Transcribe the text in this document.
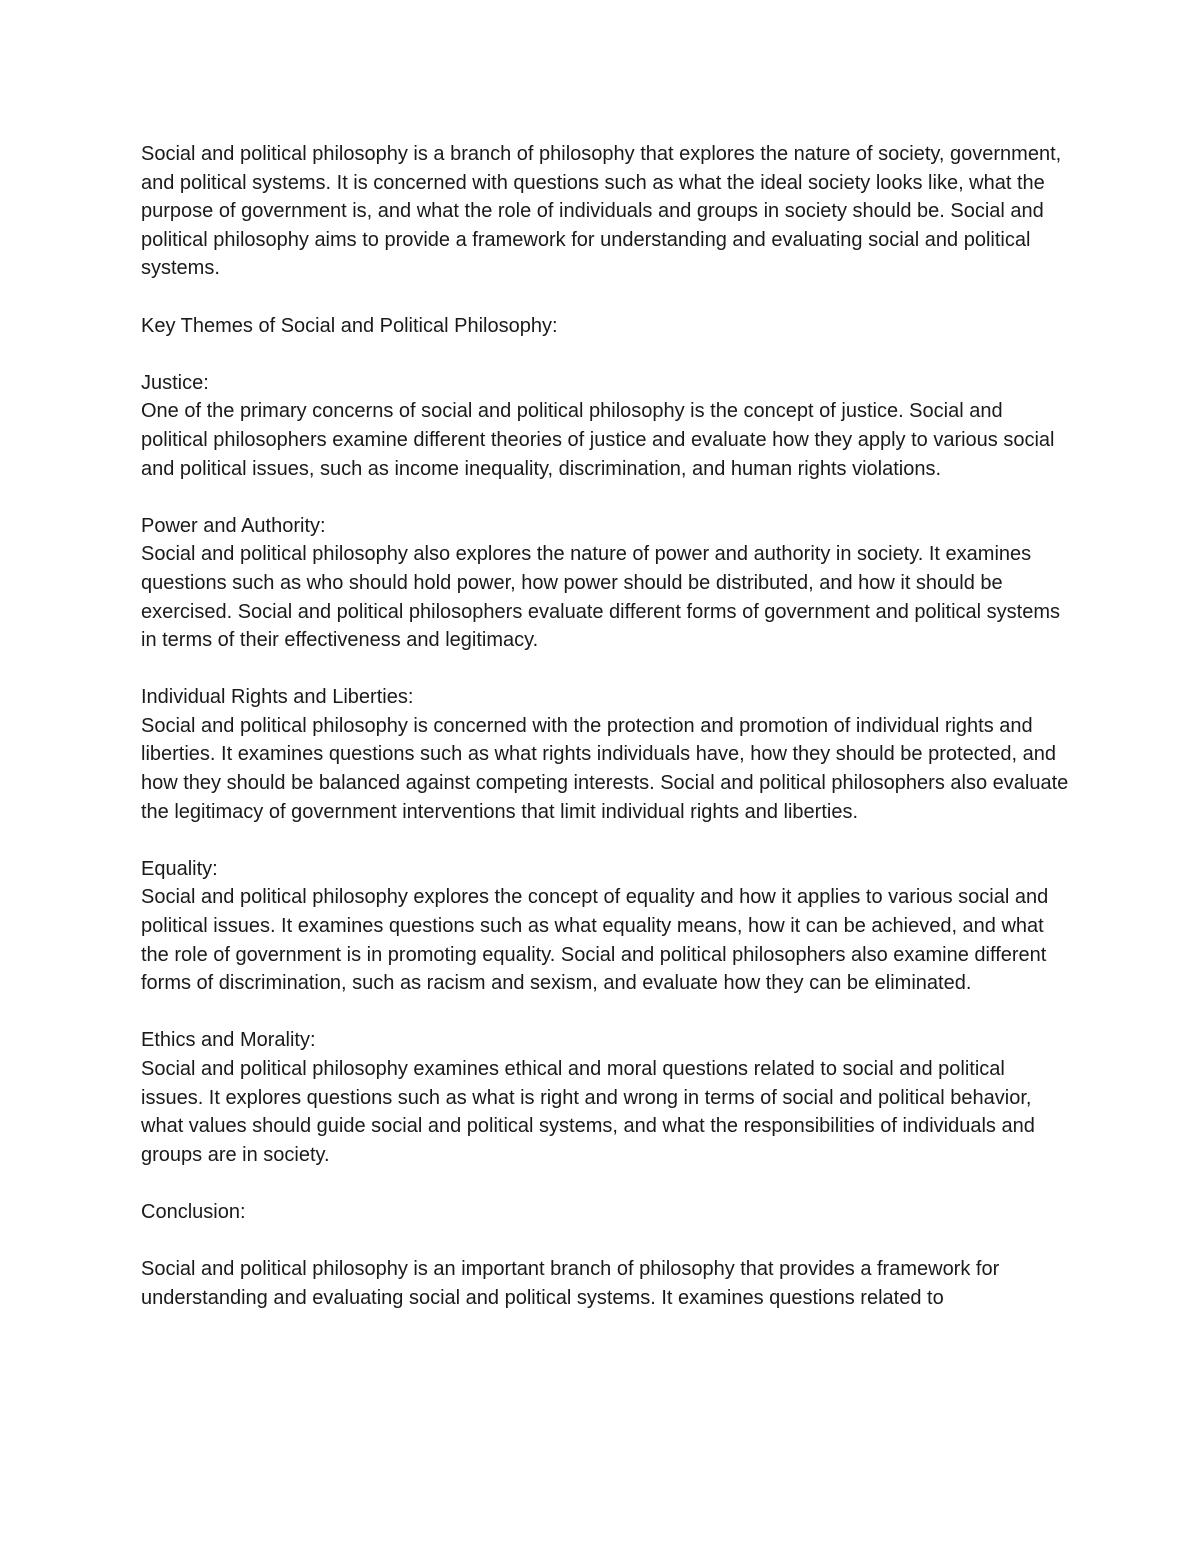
Social and political philosophy is a branch of philosophy that explores the nature of society, government, and political systems. It is concerned with questions such as what the ideal society looks like, what the purpose of government is, and what the role of individuals and groups in society should be. Social and political philosophy aims to provide a framework for understanding and evaluating social and political systems.

Key Themes of Social and Political Philosophy:

Justice:

One of the primary concerns of social and political philosophy is the concept of justice. Social and political philosophers examine different theories of justice and evaluate how they apply to various social and political issues, such as income inequality, discrimination, and human rights violations.

Power and Authority:

Social and political philosophy also explores the nature of power and authority in society. It examines questions such as who should hold power, how power should be distributed, and how it should be exercised. Social and political philosophers evaluate different forms of government and political systems in terms of their effectiveness and legitimacy.

Individual Rights and Liberties:

Social and political philosophy is concerned with the protection and promotion of individual rights and liberties. It examines questions such as what rights individuals have, how they should be protected, and how they should be balanced against competing interests. Social and political philosophers also evaluate the legitimacy of government interventions that limit individual rights and liberties.

Equality:

Social and political philosophy explores the concept of equality and how it applies to various social and political issues. It examines questions such as what equality means, how it can be achieved, and what the role of government is in promoting equality. Social and political philosophers also examine different forms of discrimination, such as racism and sexism, and evaluate how they can be eliminated.

Ethics and Morality:

Social and political philosophy examines ethical and moral questions related to social and political issues. It explores questions such as what is right and wrong in terms of social and political behavior, what values should guide social and political systems, and what the responsibilities of individuals and groups are in society.

Conclusion:

Social and political philosophy is an important branch of philosophy that provides a framework for understanding and evaluating social and political systems. It examines questions related to
